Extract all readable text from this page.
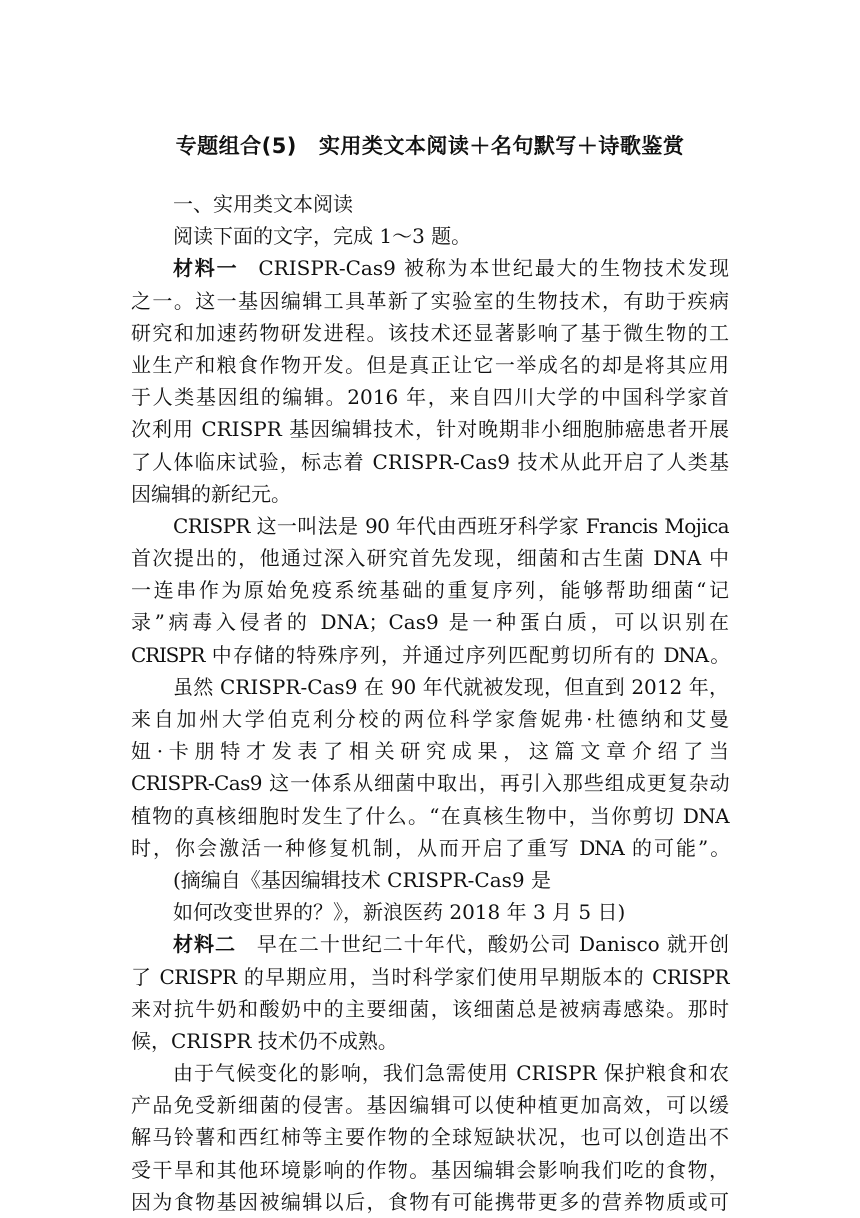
专题组合(5) 实用类文本阅读＋名句默写＋诗歌鉴赏
一、实用类文本阅读
阅读下面的文字，完成 1～3 题。
材料一 CRISPR-Cas9 被称为本世纪最大的生物技术发现
之一。这一基因编辑工具革新了实验室的生物技术，有助于疾病
研究和加速药物研发进程。该技术还显著影响了基于微生物的工
业生产和粮食作物开发。但是真正让它一举成名的却是将其应用
于人类基因组的编辑。2016 年，来自四川大学的中国科学家首
次利用 CRISPR 基因编辑技术，针对晚期非小细胞肺癌患者开展
了人体临床试验，标志着 CRISPR-Cas9 技术从此开启了人类基
因编辑的新纪元。
CRISPR 这一叫法是 90 年代由西班牙科学家 Francis Mojica
首次提出的，他通过深入研究首先发现，细菌和古生菌 DNA 中
一连串作为原始免疫系统基础的重复序列，能够帮助细菌“记
录”病毒入侵者的 DNA；Cas9 是一种蛋白质，可以识别在
CRISPR 中存储的特殊序列，并通过序列匹配剪切所有的 DNA。
虽然 CRISPR-Cas9 在 90 年代就被发现，但直到 2012 年，
来自加州大学伯克利分校的两位科学家詹妮弗·杜德纳和艾曼
妞·卡朋特才发表了相关研究成果，这篇文章介绍了当
CRISPR-Cas9 这一体系从细菌中取出，再引入那些组成更复杂动
植物的真核细胞时发生了什么。“在真核生物中，当你剪切 DNA
时，你会激活一种修复机制，从而开启了重写 DNA 的可能”。
(摘编自《基因编辑技术 CRISPR-Cas9 是
如何改变世界的？》，新浪医药 2018 年 3 月 5 日)
材料二 早在二十世纪二十年代，酸奶公司 Danisco 就开创
了 CRISPR 的早期应用，当时科学家们使用早期版本的 CRISPR
来对抗牛奶和酸奶中的主要细菌，该细菌总是被病毒感染。那时
候，CRISPR 技术仍不成熟。
由于气候变化的影响，我们急需使用 CRISPR 保护粮食和农
产品免受新细菌的侵害。基因编辑可以使种植更加高效，可以缓
解马铃薯和西红柿等主要作物的全球短缺状况，也可以创造出不
受干旱和其他环境影响的作物。基因编辑会影响我们吃的食物，
因为食物基因被编辑以后，食物有可能携带更多的营养物质或可
